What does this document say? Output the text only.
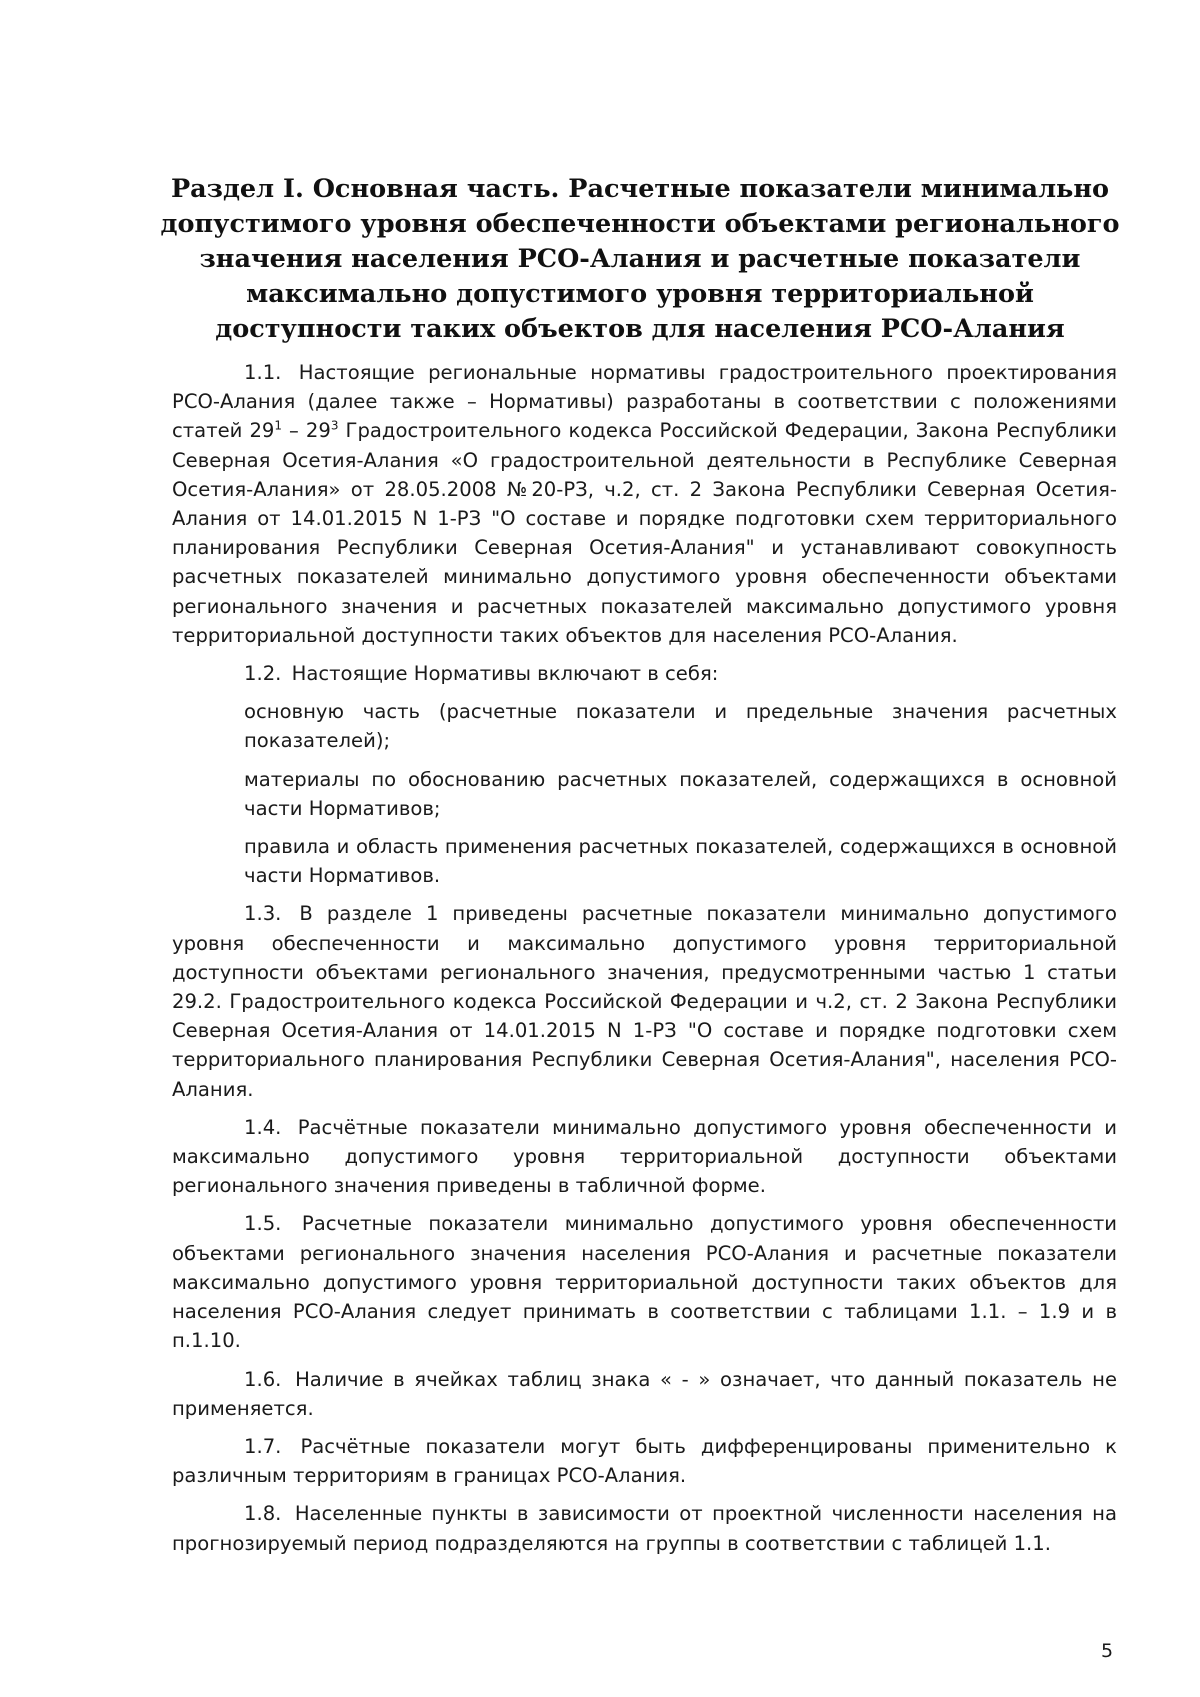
Раздел I. Основная часть. Расчетные показатели минимально допустимого уровня обеспеченности объектами регионального значения населения РСО-Алания и расчетные показатели максимально допустимого уровня территориальной доступности таких объектов для населения РСО-Алания

1.1. Настоящие региональные нормативы градостроительного проектирования РСО-Алания (далее также – Нормативы) разработаны в соответствии с положениями статей $29^1 - 29^3$ Градостроительного кодекса Российской Федерации, Закона Республики Северная Осетия-Алания «О градостроительной деятельности в Республике Северная Осетия-Алания» от 28.05.2008 №20-РЗ, ч.2, ст. 2 Закона Республики Северная Осетия-Алания от 14.01.2015 N 1-РЗ "О составе и порядке подготовки схем территориального планирования Республики Северная Осетия-Алания" и устанавливают совокупность расчетных показателей минимально допустимого уровня обеспеченности объектами регионального значения и расчетных показателей максимально допустимого уровня территориальной доступности таких объектов для населения РСО-Алания.

1.2. Настоящие Нормативы включают в себя:

основную часть (расчетные показатели и предельные значения расчетных показателей);

материалы по обоснованию расчетных показателей, содержащихся в основной части Нормативов;

правила и область применения расчетных показателей, содержащихся в основной части Нормативов.

1.3. В разделе 1 приведены расчетные показатели минимально допустимого уровня обеспеченности и максимально допустимого уровня территориальной доступности объектами регионального значения, предусмотренными частью 1 статьи 29.2. Градостроительного кодекса Российской Федерации и ч.2, ст. 2 Закона Республики Северная Осетия-Алания от 14.01.2015 N 1-РЗ "О составе и порядке подготовки схем территориального планирования Республики Северная Осетия-Алания", населения РСО-Алания.

1.4. Расчётные показатели минимально допустимого уровня обеспеченности и максимально допустимого уровня территориальной доступности объектами регионального значения приведены в табличной форме.

1.5. Расчетные показатели минимально допустимого уровня обеспеченности объектами регионального значения населения РСО-Алания и расчетные показатели максимально допустимого уровня территориальной доступности таких объектов для населения РСО-Алания следует принимать в соответствии с таблицами 1.1. – 1.9 и в п.1.10.

1.6. Наличие в ячейках таблиц знака « - » означает, что данный показатель не применяется.

1.7. Расчётные показатели могут быть дифференцированы применительно к различным территориям в границах РСО-Алания.

1.8. Населенные пункты в зависимости от проектной численности населения на прогнозируемый период подразделяются на группы в соответствии с таблицей 1.1.

5
